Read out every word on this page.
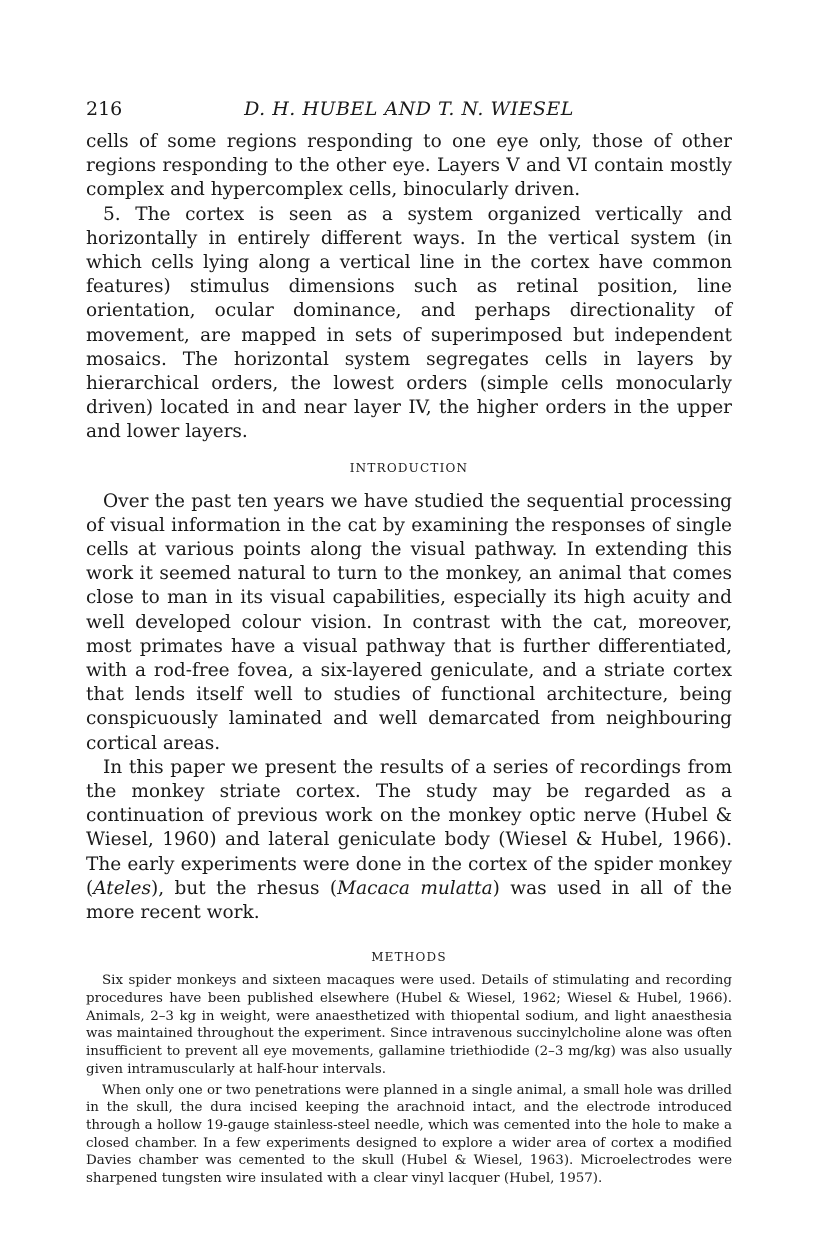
216	D. H. HUBEL AND T. N. WIESEL

cells of some regions responding to one eye only, those of other regions responding to the other eye. Layers V and VI contain mostly complex and hypercomplex cells, binocularly driven.

5. The cortex is seen as a system organized vertically and horizontally in entirely different ways. In the vertical system (in which cells lying along a vertical line in the cortex have common features) stimulus dimensions such as retinal position, line orientation, ocular dominance, and perhaps directionality of movement, are mapped in sets of superimposed but independent mosaics. The horizontal system segregates cells in layers by hierarchical orders, the lowest orders (simple cells monocularly driven) located in and near layer IV, the higher orders in the upper and lower layers.

INTRODUCTION

Over the past ten years we have studied the sequential processing of visual information in the cat by examining the responses of single cells at various points along the visual pathway. In extending this work it seemed natural to turn to the monkey, an animal that comes close to man in its visual capabilities, especially its high acuity and well developed colour vision. In contrast with the cat, moreover, most primates have a visual pathway that is further differentiated, with a rod-free fovea, a six-layered geniculate, and a striate cortex that lends itself well to studies of functional architecture, being conspicuously laminated and well demarcated from neighbouring cortical areas.

In this paper we present the results of a series of recordings from the monkey striate cortex. The study may be regarded as a continuation of previous work on the monkey optic nerve (Hubel & Wiesel, 1960) and lateral geniculate body (Wiesel & Hubel, 1966). The early experiments were done in the cortex of the spider monkey (Ateles), but the rhesus (Macaca mulatta) was used in all of the more recent work.

METHODS

Six spider monkeys and sixteen macaques were used. Details of stimulating and recording procedures have been published elsewhere (Hubel & Wiesel, 1962; Wiesel & Hubel, 1966). Animals, 2–3 kg in weight, were anaesthetized with thiopental sodium, and light anaesthesia was maintained throughout the experiment. Since intravenous succinylcholine alone was often insufficient to prevent all eye movements, gallamine triethiodide (2–3 mg/kg) was also usually given intramuscularly at half-hour intervals.

When only one or two penetrations were planned in a single animal, a small hole was drilled in the skull, the dura incised keeping the arachnoid intact, and the electrode introduced through a hollow 19-gauge stainless-steel needle, which was cemented into the hole to make a closed chamber. In a few experiments designed to explore a wider area of cortex a modified Davies chamber was cemented to the skull (Hubel & Wiesel, 1963). Microelectrodes were sharpened tungsten wire insulated with a clear vinyl lacquer (Hubel, 1957).
